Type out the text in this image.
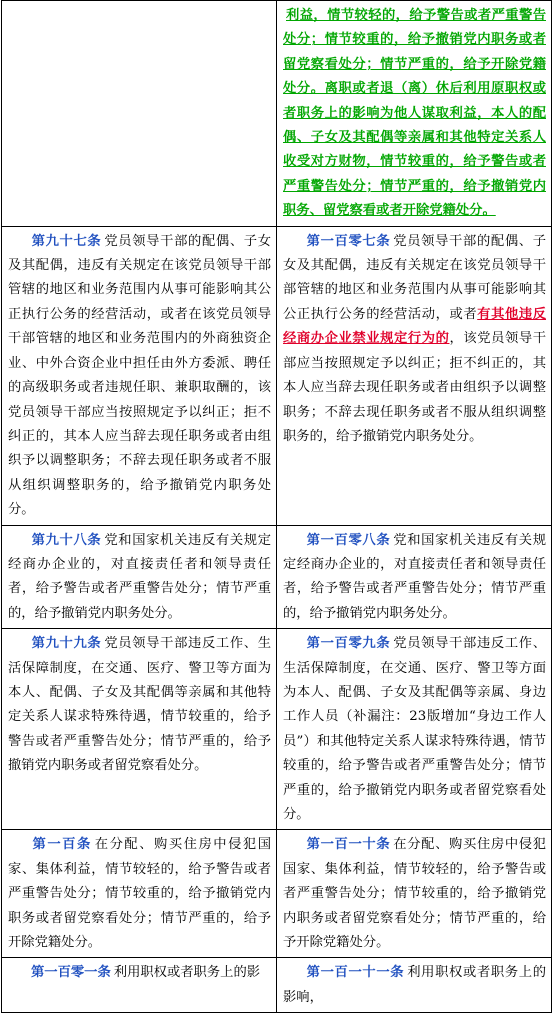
	利益，情节较轻的，给予警告或者严重警告处分；情节较重的，给予撤销党内职务或者留党察看处分；情节严重的，给予开除党籍处分。离职或者退（离）休后利用原职权或者职务上的影响为他人谋取利益，本人的配偶、子女及其配偶等亲属和其他特定关系人收受对方财物，情节较重的，给予警告或者严重警告处分；情节严重的，给予撤销党内职务、留党察看或者开除党籍处分。
第九十七条 党员领导干部的配偶、子女及其配偶，违反有关规定在该党员领导干部管辖的地区和业务范围内从事可能影响其公正执行公务的经营活动，或者在该党员领导干部管辖的地区和业务范围内的外商独资企业、中外合资企业中担任由外方委派、聘任的高级职务或者违规任职、兼职取酬的，该党员领导干部应当按照规定予以纠正；拒不纠正的，其本人应当辞去现任职务或者由组织予以调整职务；不辞去现任职务或者不服从组织调整职务的，给予撤销党内职务处分。	第一百零七条 党员领导干部的配偶、子女及其配偶，违反有关规定在该党员领导干部管辖的地区和业务范围内从事可能影响其公正执行公务的经营活动，或者有其他违反经商办企业禁业规定行为的，该党员领导干部应当按照规定予以纠正；拒不纠正的，其本人应当辞去现任职务或者由组织予以调整职务；不辞去现任职务或者不服从组织调整职务的，给予撤销党内职务处分。
第九十八条 党和国家机关违反有关规定经商办企业的，对直接责任者和领导责任者，给予警告或者严重警告处分；情节严重的，给予撤销党内职务处分。	第一百零八条 党和国家机关违反有关规定经商办企业的，对直接责任者和领导责任者，给予警告或者严重警告处分；情节严重的，给予撤销党内职务处分。
第九十九条 党员领导干部违反工作、生活保障制度，在交通、医疗、警卫等方面为本人、配偶、子女及其配偶等亲属和其他特定关系人谋求特殊待遇，情节较重的，给予警告或者严重警告处分；情节严重的，给予撤销党内职务或者留党察看处分。	第一百零九条 党员领导干部违反工作、生活保障制度，在交通、医疗、警卫等方面为本人、配偶、子女及其配偶等亲属、身边工作人员（补漏注：23版增加“身边工作人员”）和其他特定关系人谋求特殊待遇，情节较重的，给予警告或者严重警告处分；情节严重的，给予撤销党内职务或者留党察看处分。
第一百条 在分配、购买住房中侵犯国家、集体利益，情节较轻的，给予警告或者严重警告处分；情节较重的，给予撤销党内职务或者留党察看处分；情节严重的，给予开除党籍处分。	第一百一十条 在分配、购买住房中侵犯国家、集体利益，情节较轻的，给予警告或者严重警告处分；情节较重的，给予撤销党内职务或者留党察看处分；情节严重的，给予开除党籍处分。
第一百零一条 利用职权或者职务上的影	第一百一十一条 利用职权或者职务上的影响，
